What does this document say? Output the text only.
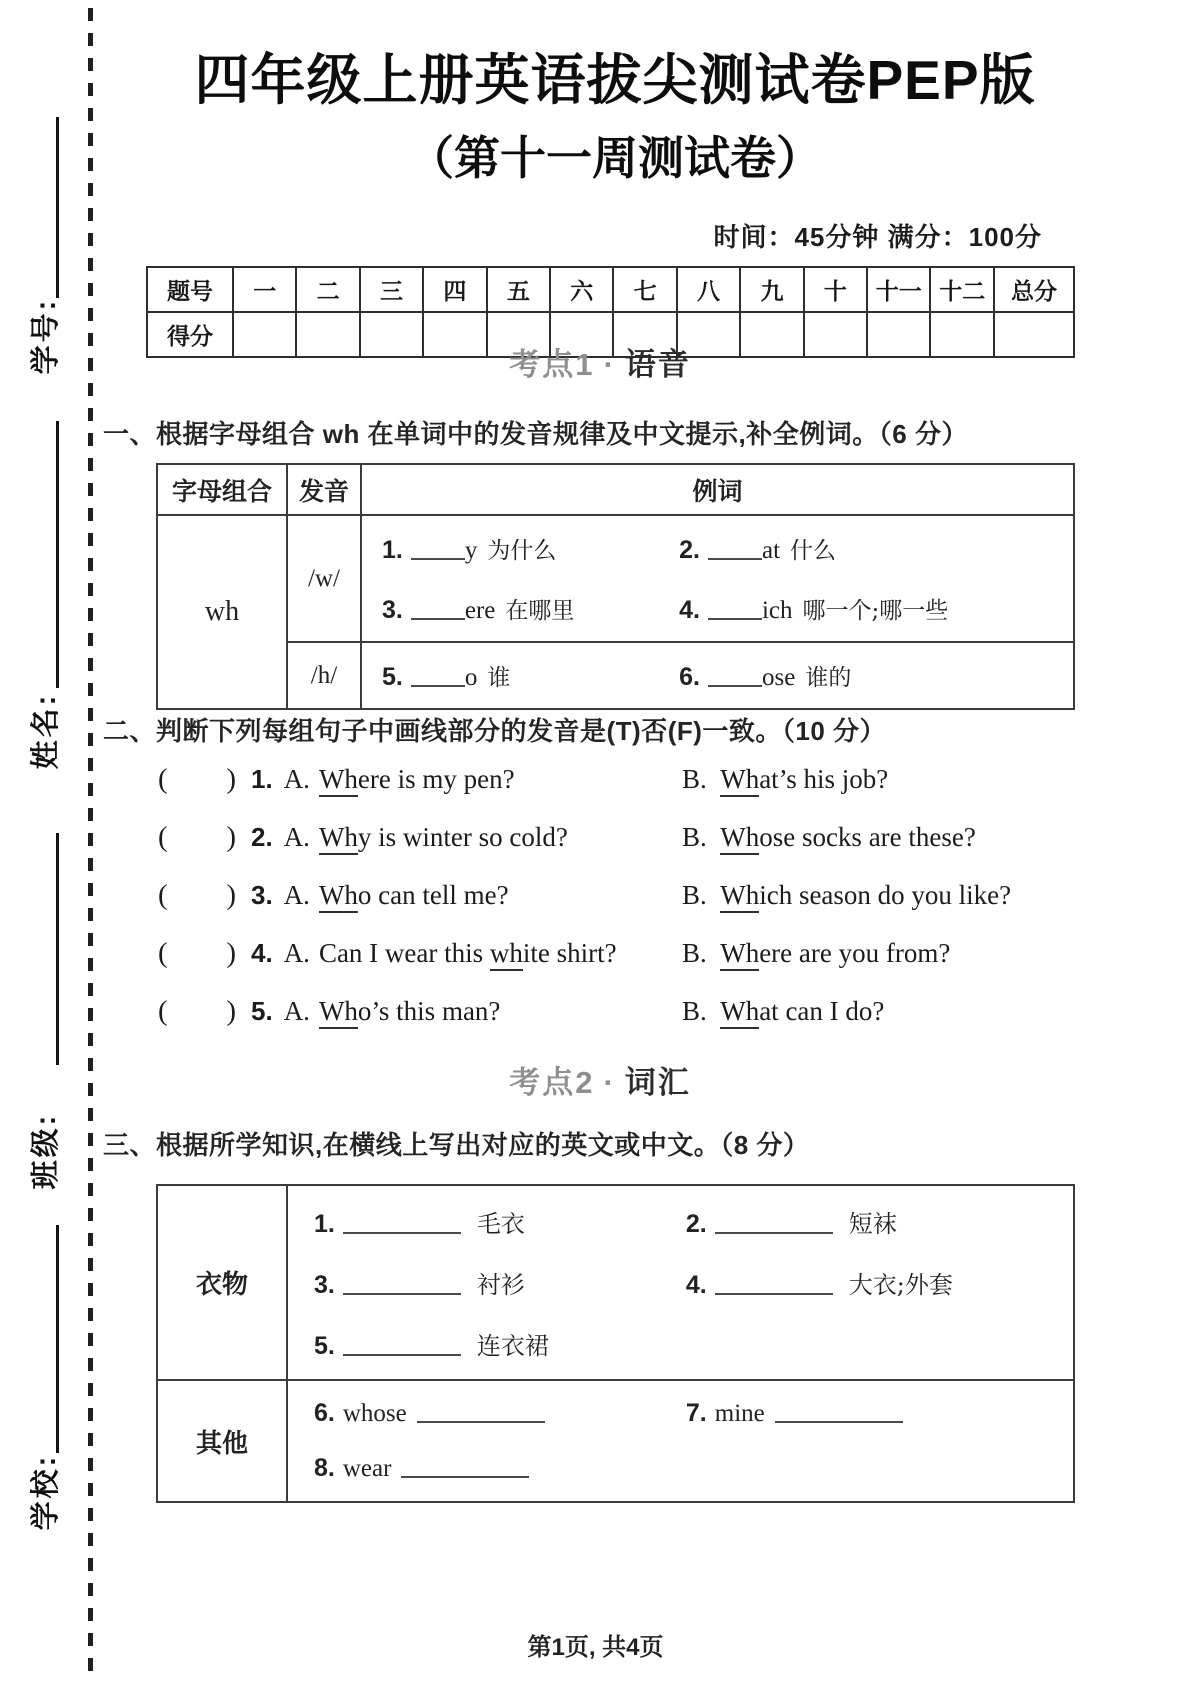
学号:
姓名:
班级:
学校:
四年级上册英语拔尖测试卷PEP版
（第十一周测试卷）
时间：45分钟 满分：100分
题号	一	二	三	四	五	六	七	八	九	十	十一	十二	总分
得分													
考点1 · 语音
一、根据字母组合 wh 在单词中的发音规律及中文提示,补全例词。（6 分）
字母组合	发音	例词
wh	/w/	1. y 为什么 2. at 什么
3. ere 在哪里 4. ich 哪一个;哪一些

	/h/	5. o 谁 6. ose 谁的
二、判断下列每组句子中画线部分的发音是(T)否(F)一致。（10 分）
( ) 1. A. Where is my pen?	B. What’s his job?
( ) 2. A. Why is winter so cold?	B. Whose socks are these?
( ) 3. A. Who can tell me?	B. Which season do you like?
( ) 4. A. Can I wear this white shirt? B. Where are you from?
( ) 5. A. Who’s this man?	B. What can I do?
考点2 · 词汇
三、根据所学知识,在横线上写出对应的英文或中文。（8 分）
衣物	1. 毛衣 2. 短袜
3. 衬衫 4. 大衣;外套
5. 连衣裙

其他	6. whose 7. mine
8. wear
第1页, 共4页
